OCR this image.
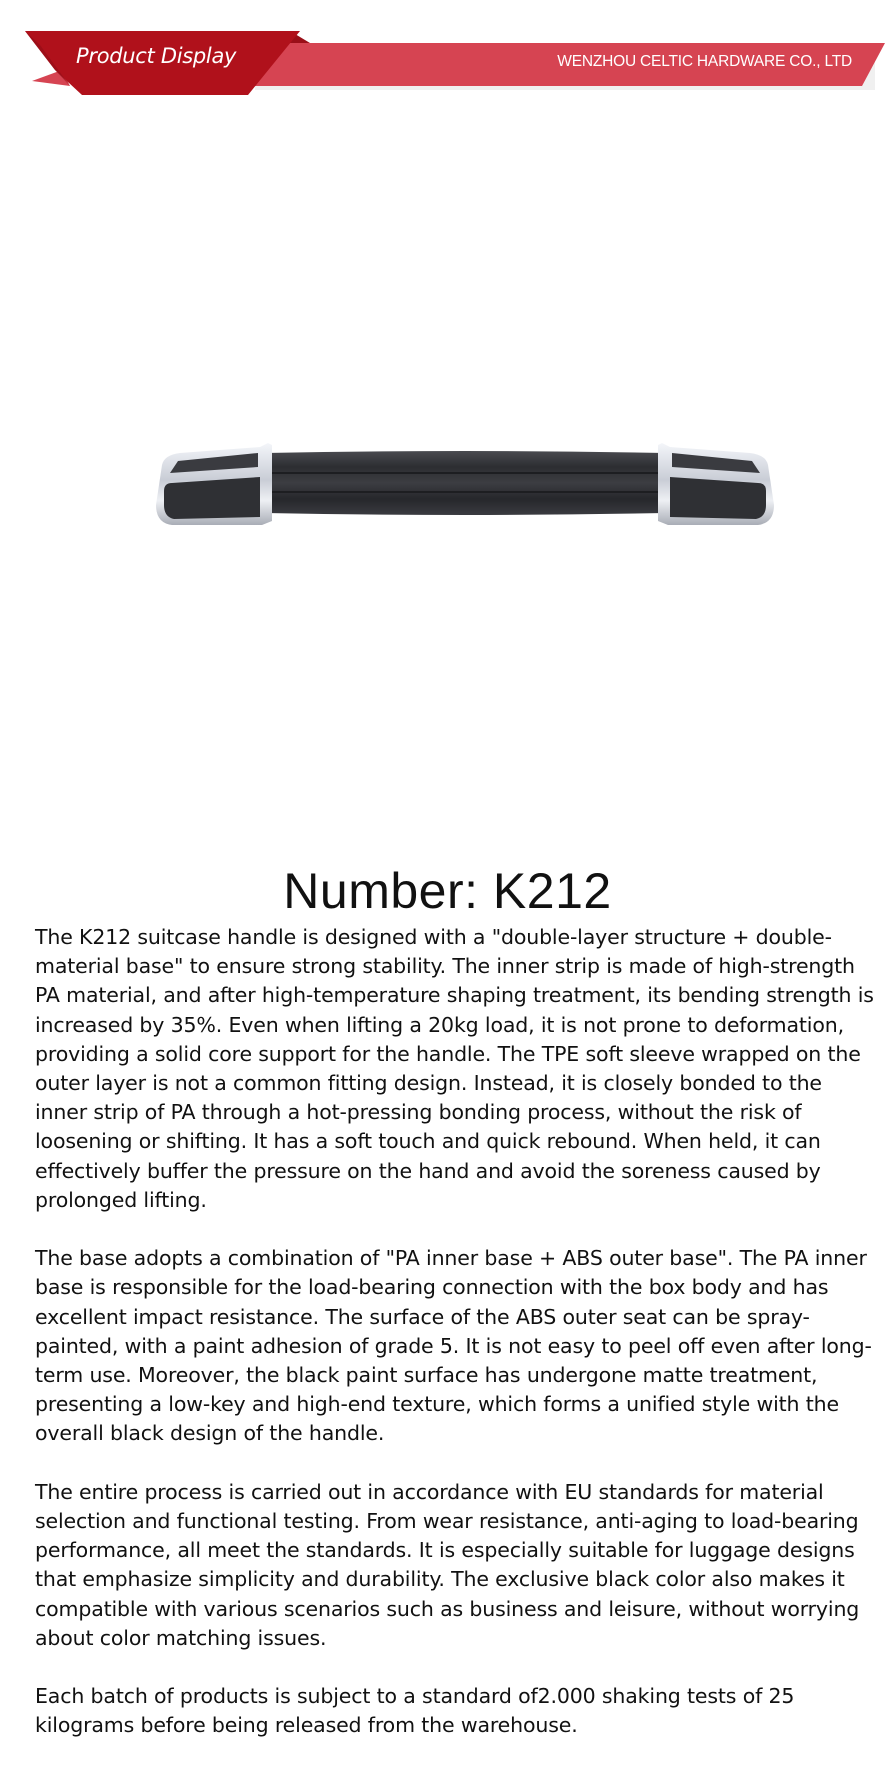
Product Display	WENZHOU CELTIC HARDWARE CO., LTD
Number: K212

The K212 suitcase handle is designed with a "double-layer structure + double-material base" to ensure strong stability. The inner strip is made of high-strength PA material, and after high-temperature shaping treatment, its bending strength is increased by 35%. Even when lifting a 20kg load, it is not prone to deformation, providing a solid core support for the handle. The TPE soft sleeve wrapped on the outer layer is not a common fitting design. Instead, it is closely bonded to the inner strip of PA through a hot-pressing bonding process, without the risk of loosening or shifting. It has a soft touch and quick rebound. When held, it can effectively buffer the pressure on the hand and avoid the soreness caused by prolonged lifting.

The base adopts a combination of "PA inner base + ABS outer base". The PA inner base is responsible for the load-bearing connection with the box body and has excellent impact resistance. The surface of the ABS outer seat can be spray-painted, with a paint adhesion of grade 5. It is not easy to peel off even after long-term use. Moreover, the black paint surface has undergone matte treatment, presenting a low-key and high-end texture, which forms a unified style with the overall black design of the handle.

The entire process is carried out in accordance with EU standards for material selection and functional testing. From wear resistance, anti-aging to load-bearing performance, all meet the standards. It is especially suitable for luggage designs that emphasize simplicity and durability. The exclusive black color also makes it compatible with various scenarios such as business and leisure, without worrying about color matching issues.

Each batch of products is subject to a standard of2.000 shaking tests of 25 kilograms before being released from the warehouse.
